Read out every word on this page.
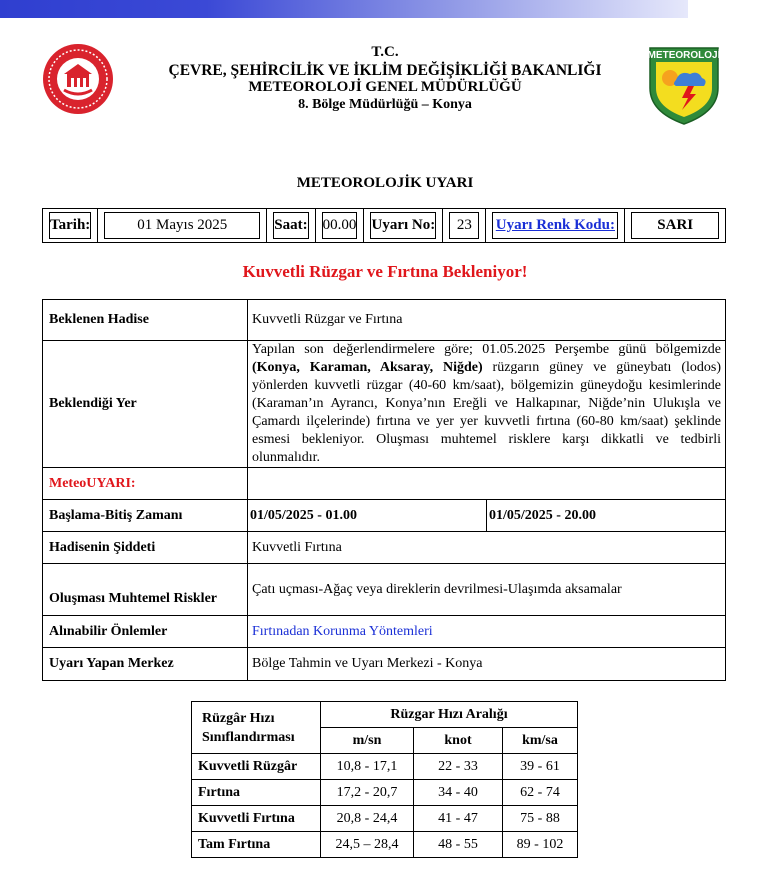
T.C.
ÇEVRE, ŞEHİRCİLİK VE İKLİM DEĞİŞİKLİĞİ BAKANLIĞI
METEOROLOJİ GENEL MÜDÜRLÜĞÜ
8. Bölge Müdürlüğü – Konya
METEOROLOJİ
METEOROLOJİK UYARI
Tarih:	01 Mayıs 2025	Saat:	00.00	Uyarı No:	23	Uyarı Renk Kodu:	SARI
Kuvvetli Rüzgar ve Fırtına Bekleniyor!
Beklenen Hadise	Kuvvetli Rüzgar ve Fırtına	
Beklendiği Yer	Yapılan son değerlendirmelere göre; 01.05.2025 Perşembe günü bölgemizde (Konya, Karaman, Aksaray, Niğde) rüzgarın güney ve güneybatı (lodos) yönlerden kuvvetli rüzgar (40-60 km/saat), bölgemizin güneydoğu kesimlerinde (Karaman’ın Ayrancı, Konya’nın Ereğli ve Halkapınar, Niğde’nin Ulukışla ve Çamardı ilçelerinde) fırtına ve yer yer kuvvetli fırtına (60-80 km/saat) şeklinde esmesi bekleniyor. Oluşması muhtemel risklere karşı dikkatli ve tedbirli olunmalıdır.	
MeteoUYARI:		
Başlama-Bitiş Zamanı	01/05/2025 - 01.00	01/05/2025 - 20.00
Hadisenin Şiddeti	Kuvvetli Fırtına	
Oluşması Muhtemel Riskler	Çatı uçması-Ağaç veya direklerin devrilmesi-Ulaşımda aksamalar	
Alınabilir Önlemler	Fırtınadan Korunma Yöntemleri	
Uyarı Yapan Merkez	Bölge Tahmin ve Uyarı Merkezi - Konya	
Rüzgâr Hızı Sınıflandırması	Rüzgar Hızı Aralığı		
	m/sn	knot	km/sa
Kuvvetli Rüzgâr	10,8 - 17,1	22 - 33	39 - 61
Fırtına	17,2 - 20,7	34 - 40	62 - 74
Kuvvetli Fırtına	20,8 - 24,4	41 - 47	75 - 88
Tam Fırtına	24,5 – 28,4	48 - 55	89 - 102
